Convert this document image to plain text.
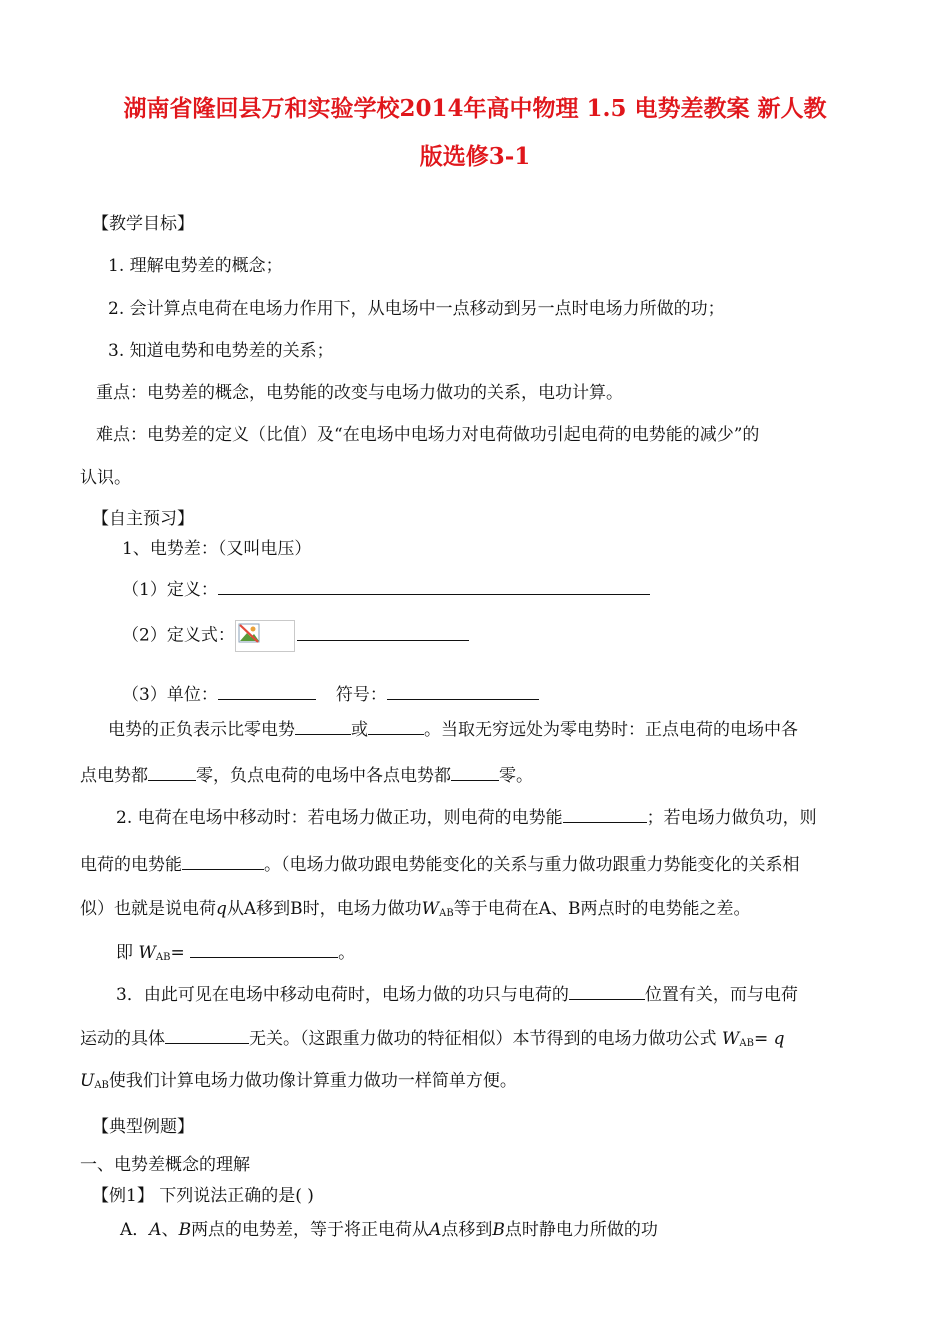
湖南省隆回县万和实验学校2014年高中物理 1.5 电势差教案 新人教
版选修3-1
【教学目标】
1. 理解电势差的概念；
2. 会计算点电荷在电场力作用下，从电场中一点移动到另一点时电场力所做的功；
3. 知道电势和电势差的关系；
重点：电势差的概念，电势能的改变与电场力做功的关系，电功计算。
难点：电势差的定义（比值）及“在电场中电场力对电荷做功引起电荷的电势能的减少”的
认识。
【自主预习】
1、电势差：（又叫电压）
（1）定义：
（2）定义式：
（3）单位：	符号：
电势的正负表示比零电势	或	。当取无穷远处为零电势时：正点电荷的电场中各
点电势都	零，负点电荷的电场中各点电势都	零。
2. 电荷在电场中移动时：若电场力做正功，则电荷的电势能	；若电场力做负功，则
电荷的电势能	。（电场力做功跟电势能变化的关系与重力做功跟重力势能变化的关系相
似）也就是说电荷q从A移到B时，电场力做功$W_{AB}$等于电荷在A、B两点时的电势能之差。
即 $W_{AB}=$	。
3．由此可见在电场中移动电荷时，电场力做的功只与电荷的	位置有关，而与电荷
运动的具体	无关。（这跟重力做功的特征相似）本节得到的电场力做功公式 $W_{AB}= q$
$U_{AB}$使我们计算电场力做功像计算重力做功一样简单方便。
【典型例题】
一、电势差概念的理解
【例1】 下列说法正确的是( )
A．A、B两点的电势差，等于将正电荷从A点移到B点时静电力所做的功
